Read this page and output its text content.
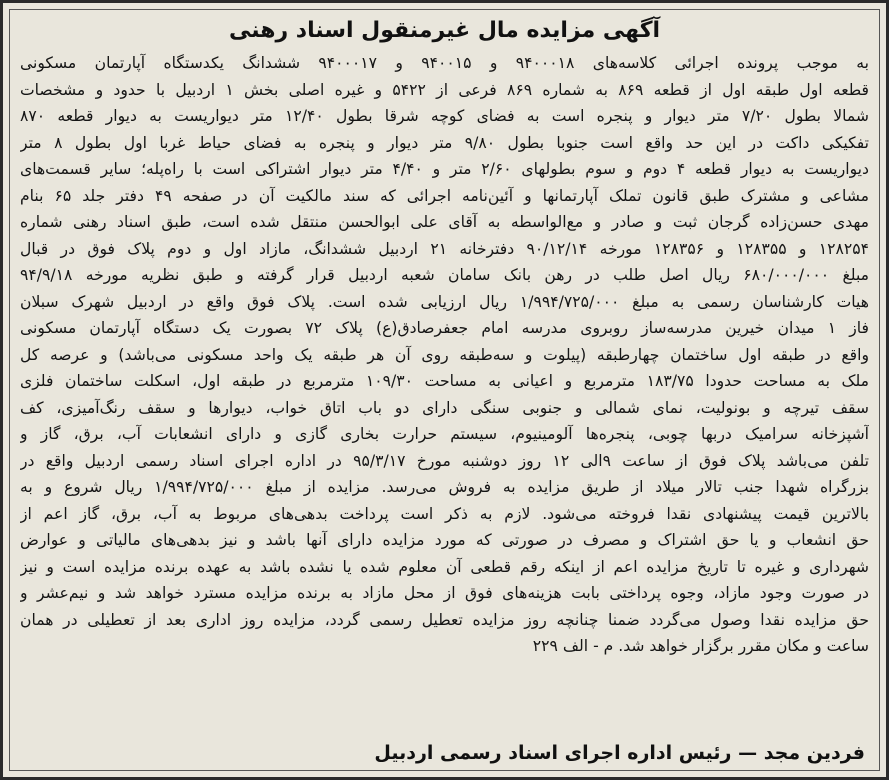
آگهی مزایده مال غیرمنقول اسناد رهنی
به موجب پرونده اجرائی کلاسه‌های ۹۴۰۰۰۱۸ و ۹۴۰۰۱۵ و ۹۴۰۰۰۱۷ ششدانگ یکدستگاه آپارتمان مسکونی
قطعه اول طبقه اول از قطعه ۸۶۹ به شماره ۸۶۹ فرعی از ۵۴۲۲ و غیره اصلی بخش ۱ اردبیل با حدود و مشخصات
شمالا بطول ۷/۲۰ متر دیوار و پنجره است به فضای کوچه شرقا بطول ۱۲/۴۰ متر دیواریست به دیوار قطعه ۸۷۰
تفکیکی داکت در این حد واقع است جنوبا بطول ۹/۸۰ متر دیوار و پنجره به فضای حیاط غربا اول بطول ۸ متر
دیواریست به دیوار قطعه ۴ دوم و سوم بطولهای ۲/۶۰ متر و ۴/۴۰ متر دیوار اشتراکی است با راه‌پله؛ سایر قسمت‌های
مشاعی و مشترک طبق قانون تملک آپارتمانها و آئین‌نامه اجرائی که سند مالکیت آن در صفحه ۴۹ دفتر جلد ۶۵ بنام
مهدی حسن‌زاده گرجان ثبت و صادر و مع‌الواسطه به آقای علی ابوالحسن منتقل شده است، طبق اسناد رهنی شماره
۱۲۸۲۵۴ و ۱۲۸۳۵۵ و ۱۲۸۳۵۶ مورخه ۹۰/۱۲/۱۴ دفترخانه ۲۱ اردبیل ششدانگ، مازاد اول و دوم پلاک فوق در قبال
مبلغ ۶۸۰/۰۰۰/۰۰۰ ریال اصل طلب در رهن بانک سامان شعبه اردبیل قرار گرفته و طبق نظریه مورخه ۹۴/۹/۱۸
هیات کارشناسان رسمی به مبلغ ۱/۹۹۴/۷۲۵/۰۰۰ ریال ارزیابی شده است. پلاک فوق واقع در اردبیل شهرک سبلان
فاز ۱ میدان خیرین مدرسه‌ساز روبروی مدرسه امام جعفرصادق(ع) پلاک ۷۲ بصورت یک دستگاه آپارتمان مسکونی
واقع در طبقه اول ساختمان چهارطبقه (پیلوت و سه‌طبقه روی آن هر طبقه یک واحد مسکونی می‌باشد) و عرصه کل
ملک به مساحت حدودا ۱۸۳/۷۵ مترمربع و اعیانی به مساحت ۱۰۹/۳۰ مترمربع در طبقه اول، اسکلت ساختمان فلزی
سقف تیرچه و بونولیت، نمای شمالی و جنوبی سنگی دارای دو باب اتاق خواب، دیوارها و سقف رنگ‌آمیزی، کف
آشپزخانه سرامیک دربها چوبی، پنجره‌ها آلومینیوم، سیستم حرارت بخاری گازی و دارای انشعابات آب، برق، گاز و
تلفن می‌باشد پلاک فوق از ساعت ۹الی ۱۲ روز دوشنبه مورخ ۹۵/۳/۱۷ در اداره اجرای اسناد رسمی اردبیل واقع در
بزرگراه شهدا جنب تالار میلاد از طریق مزایده به فروش می‌رسد. مزایده از مبلغ ۱/۹۹۴/۷۲۵/۰۰۰ ریال شروع و به
بالاترین قیمت پیشنهادی نقدا فروخته می‌شود. لازم به ذکر است پرداخت بدهی‌های مربوط به آب، برق، گاز اعم از
حق انشعاب و یا حق اشتراک و مصرف در صورتی که مورد مزایده دارای آنها باشد و نیز بدهی‌های مالیاتی و عوارض
شهرداری و غیره تا تاریخ مزایده اعم از اینکه رقم قطعی آن معلوم شده یا نشده باشد به عهده برنده مزایده است و نیز
در صورت وجود مازاد، وجوه پرداختی بابت هزینه‌های فوق از محل مازاد به برنده مزایده مسترد خواهد شد و نیم‌عشر و
حق مزایده نقدا وصول می‌گردد ضمنا چنانچه روز مزایده تعطیل رسمی گردد، مزایده روز اداری بعد از تعطیلی در همان
ساعت و مکان مقرر برگزار خواهد شد. م - الف ۲۲۹
فردین مجد — رئیس اداره اجرای اسناد رسمی اردبیل
